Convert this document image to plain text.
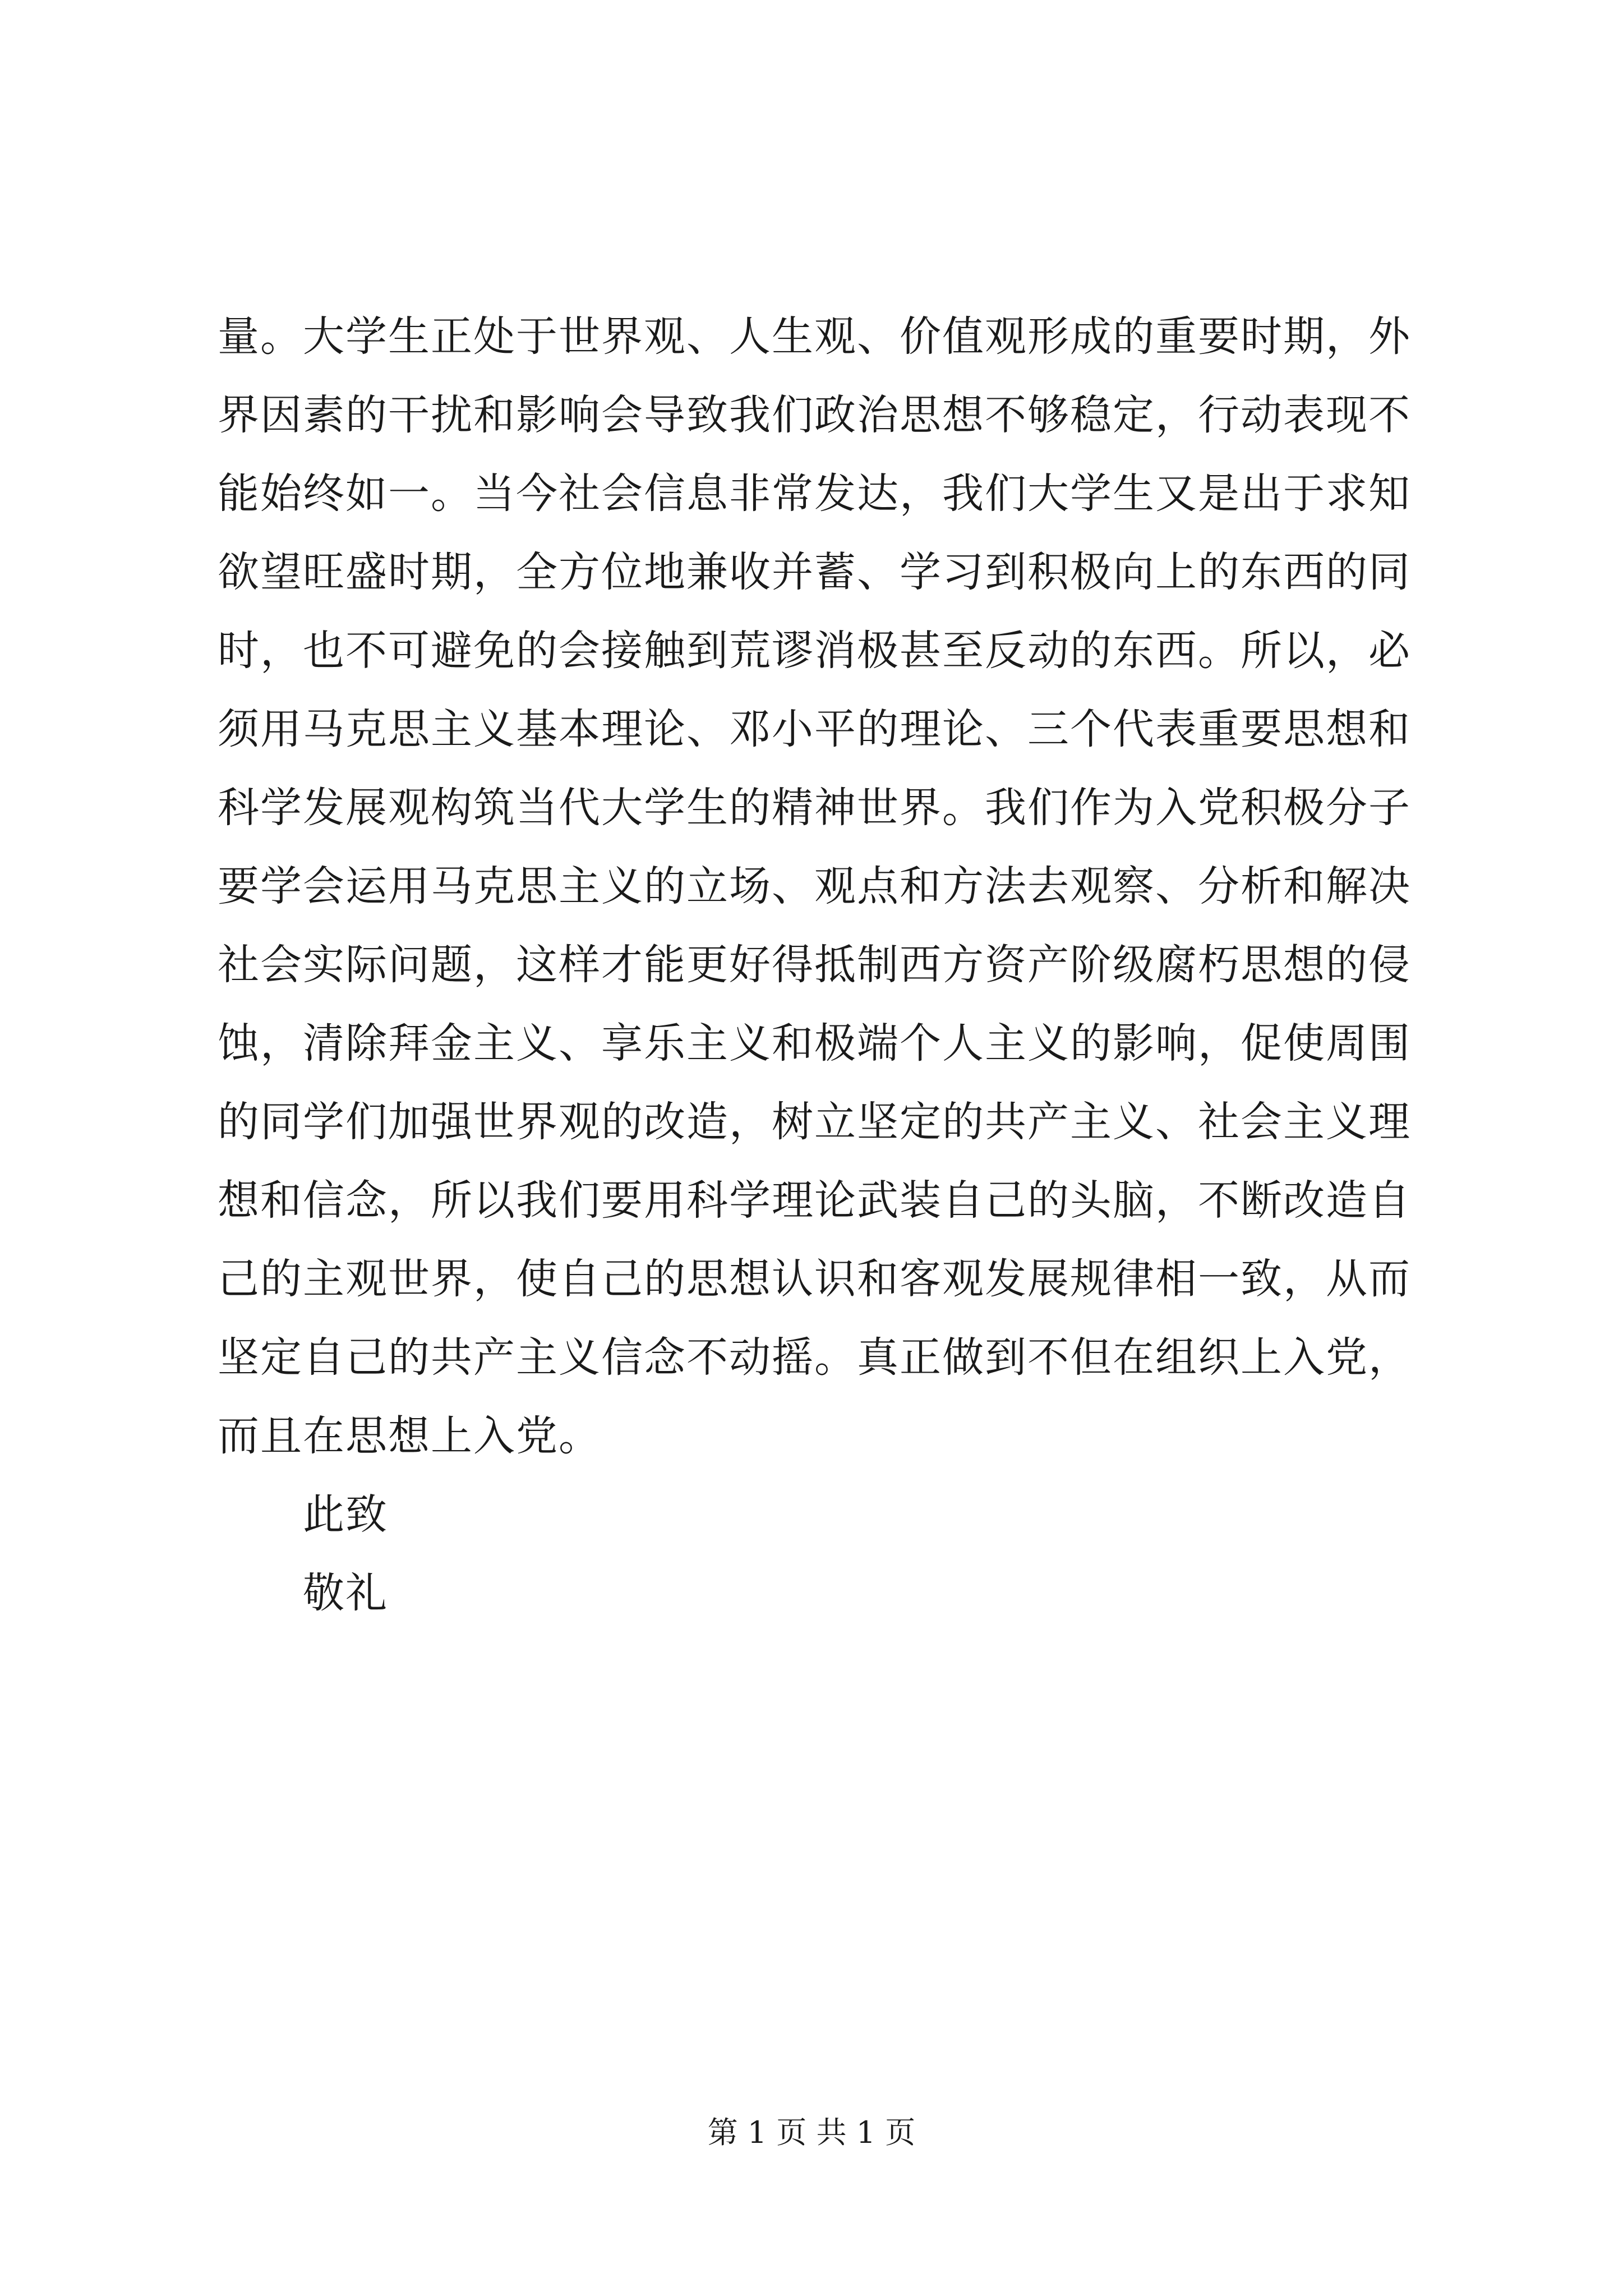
量。大学生正处于世界观、人生观、价值观形成的重要时期，外
界因素的干扰和影响会导致我们政治思想不够稳定，行动表现不
能始终如一。当今社会信息非常发达，我们大学生又是出于求知
欲望旺盛时期，全方位地兼收并蓄、学习到积极向上的东西的同
时，也不可避免的会接触到荒谬消极甚至反动的东西。所以，必
须用马克思主义基本理论、邓小平的理论、三个代表重要思想和
科学发展观构筑当代大学生的精神世界。我们作为入党积极分子
要学会运用马克思主义的立场、观点和方法去观察、分析和解决
社会实际问题，这样才能更好得抵制西方资产阶级腐朽思想的侵
蚀，清除拜金主义、享乐主义和极端个人主义的影响，促使周围
的同学们加强世界观的改造，树立坚定的共产主义、社会主义理
想和信念，所以我们要用科学理论武装自己的头脑，不断改造自
己的主观世界，使自己的思想认识和客观发展规律相一致，从而
坚定自己的共产主义信念不动摇。真正做到不但在组织上入党，
而且在思想上入党。
此致
敬礼
第 1 页 共 1 页
